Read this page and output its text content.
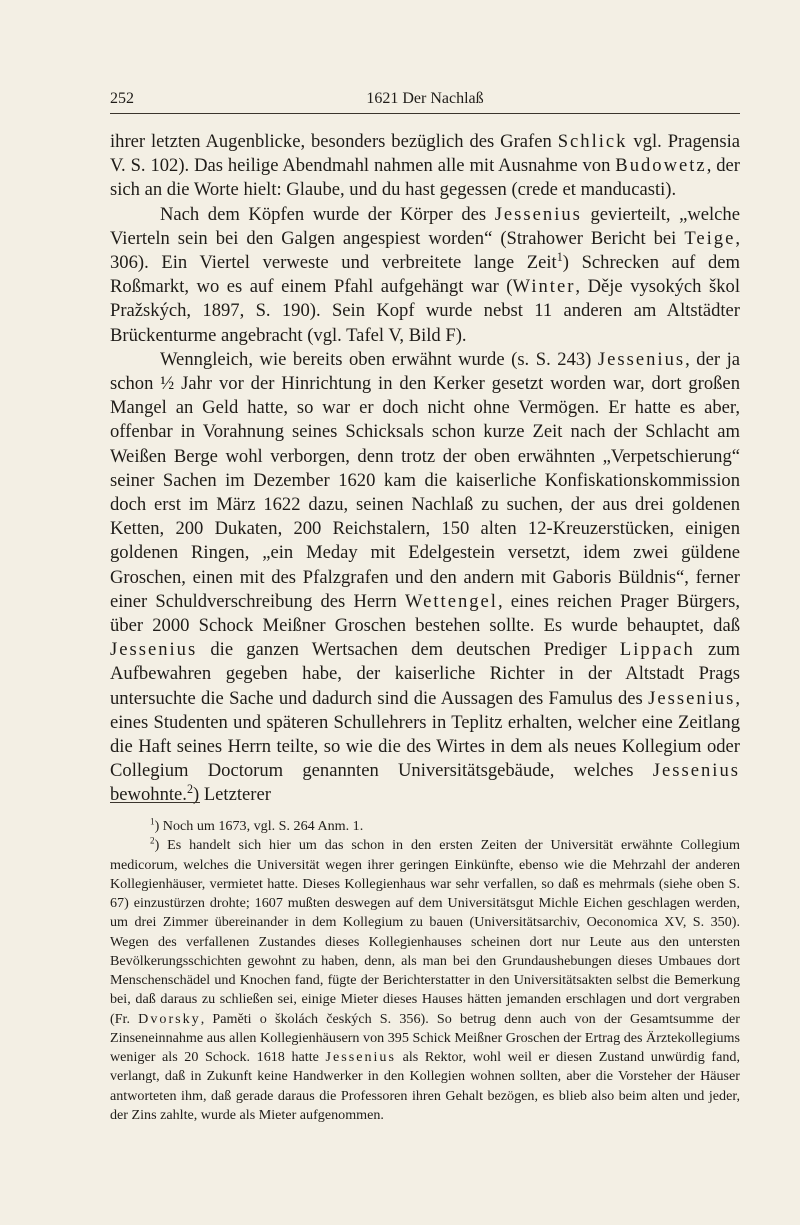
252	1621 Der Nachlaß

ihrer letzten Augenblicke, besonders bezüglich des Grafen Schlick vgl. Pragensia V. S. 102). Das heilige Abendmahl nahmen alle mit Ausnahme von Budowetz, der sich an die Worte hielt: Glaube, und du hast gegessen (crede et manducasti).

Nach dem Köpfen wurde der Körper des Jessenius gevierteilt, „welche Vierteln sein bei den Galgen angespiest worden“ (Strahower Bericht bei Teige, 306). Ein Viertel verweste und verbreitete lange Zeit$^1$) Schrecken auf dem Roßmarkt, wo es auf einem Pfahl aufgehängt war (Winter, Děje vysokých škol Pražských, 1897, S. 190). Sein Kopf wurde nebst 11 anderen am Altstädter Brückenturme angebracht (vgl. Tafel V, Bild F).

Wenngleich, wie bereits oben erwähnt wurde (s. S. 243) Jessenius, der ja schon ½ Jahr vor der Hinrichtung in den Kerker gesetzt worden war, dort großen Mangel an Geld hatte, so war er doch nicht ohne Vermögen. Er hatte es aber, offenbar in Vorahnung seines Schicksals schon kurze Zeit nach der Schlacht am Weißen Berge wohl verborgen, denn trotz der oben erwähnten „Verpetschierung“ seiner Sachen im Dezember 1620 kam die kaiserliche Konfiskationskommission doch erst im März 1622 dazu, seinen Nachlaß zu suchen, der aus drei goldenen Ketten, 200 Dukaten, 200 Reichstalern, 150 alten 12-Kreuzerstücken, einigen goldenen Ringen, „ein Meday mit Edelgestein versetzt, idem zwei güldene Groschen, einen mit des Pfalzgrafen und den andern mit Gaboris Büldnis“, ferner einer Schuldverschreibung des Herrn Wettengel, eines reichen Prager Bürgers, über 2000 Schock Meißner Groschen bestehen sollte. Es wurde behauptet, daß Jessenius die ganzen Wertsachen dem deutschen Prediger Lippach zum Aufbewahren gegeben habe, der kaiserliche Richter in der Altstadt Prags untersuchte die Sache und dadurch sind die Aussagen des Famulus des Jessenius, eines Studenten und späteren Schullehrers in Teplitz erhalten, welcher eine Zeitlang die Haft seines Herrn teilte, so wie die des Wirtes in dem als neues Kollegium oder Collegium Doctorum genannten Universitätsgebäude, welches Jessenius bewohnte.$^2$) Letzterer

$^1$) Noch um 1673, vgl. S. 264 Anm. 1.

$^2$) Es handelt sich hier um das schon in den ersten Zeiten der Universität erwähnte Collegium medicorum, welches die Universität wegen ihrer geringen Einkünfte, ebenso wie die Mehrzahl der anderen Kollegienhäuser, vermietet hatte. Dieses Kollegienhaus war sehr verfallen, so daß es mehrmals (siehe oben S. 67) einzustürzen drohte; 1607 mußten deswegen auf dem Universitätsgut Michle Eichen geschlagen werden, um drei Zimmer übereinander in dem Kollegium zu bauen (Universitätsarchiv, Oeconomica XV, S. 350). Wegen des verfallenen Zustandes dieses Kollegienhauses scheinen dort nur Leute aus den untersten Bevölkerungsschichten gewohnt zu haben, denn, als man bei den Grundaushebungen dieses Umbaues dort Menschenschädel und Knochen fand, fügte der Berichterstatter in den Universitätsakten selbst die Bemerkung bei, daß daraus zu schließen sei, einige Mieter dieses Hauses hätten jemanden erschlagen und dort vergraben (Fr. Dvorsky, Paměti o školách českých S. 356). So betrug denn auch von der Gesamtsumme der Zinseneinnahme aus allen Kollegienhäusern von 395 Schick Meißner Groschen der Ertrag des Ärztekollegiums weniger als 20 Schock. 1618 hatte Jessenius als Rektor, wohl weil er diesen Zustand unwürdig fand, verlangt, daß in Zukunft keine Handwerker in den Kollegien wohnen sollten, aber die Vorsteher der Häuser antworteten ihm, daß gerade daraus die Professoren ihren Gehalt bezögen, es blieb also beim alten und jeder, der Zins zahlte, wurde als Mieter aufgenommen.
